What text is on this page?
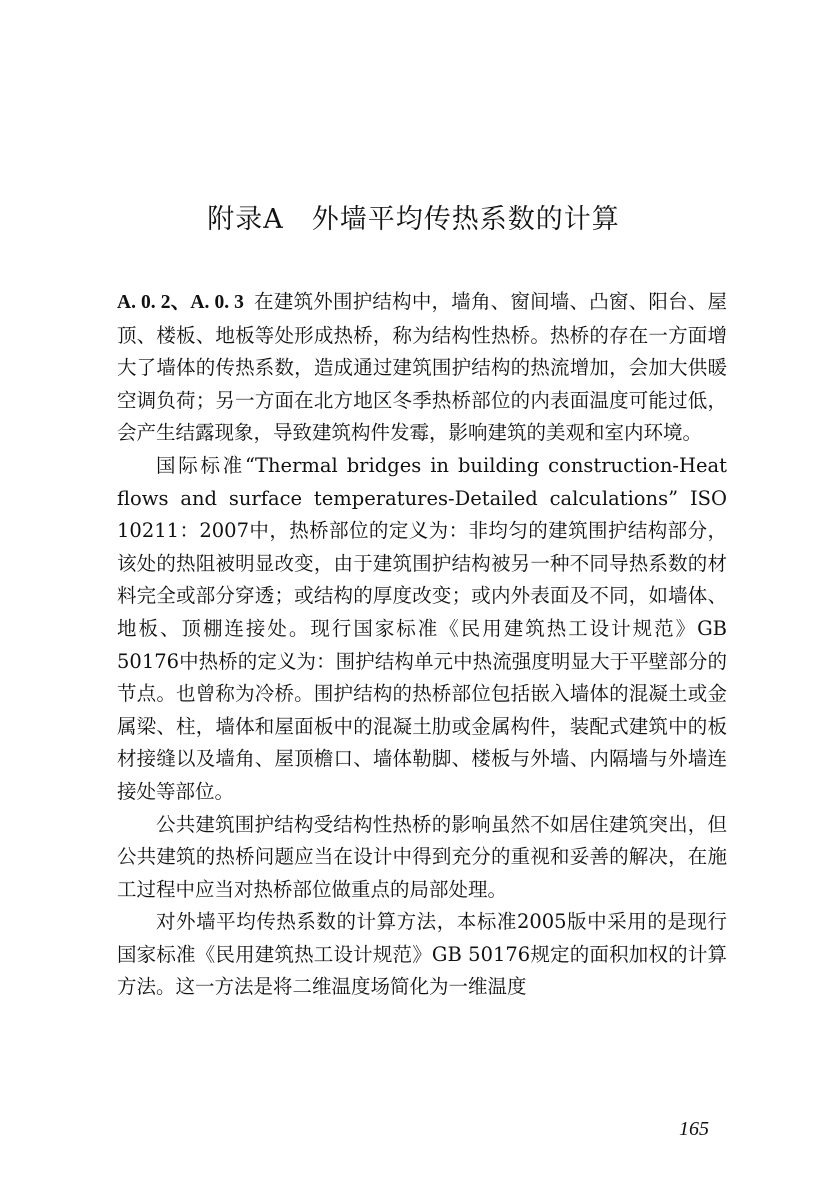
附录A　外墙平均传热系数的计算

A. 0. 2、A. 0. 3 在建筑外围护结构中，墙角、窗间墙、凸窗、阳台、屋顶、楼板、地板等处形成热桥，称为结构性热桥。热桥的存在一方面增大了墙体的传热系数，造成通过建筑围护结构的热流增加，会加大供暖空调负荷；另一方面在北方地区冬季热桥部位的内表面温度可能过低，会产生结露现象，导致建筑构件发霉，影响建筑的美观和室内环境。

国际标准“Thermal bridges in building construction-Heat flows and surface temperatures-Detailed calculations” ISO 10211：2007中，热桥部位的定义为：非均匀的建筑围护结构部分，该处的热阻被明显改变，由于建筑围护结构被另一种不同导热系数的材料完全或部分穿透；或结构的厚度改变；或内外表面及不同，如墙体、地板、顶棚连接处。现行国家标准《民用建筑热工设计规范》GB 50176中热桥的定义为：围护结构单元中热流强度明显大于平壁部分的节点。也曾称为冷桥。围护结构的热桥部位包括嵌入墙体的混凝土或金属梁、柱，墙体和屋面板中的混凝土肋或金属构件，装配式建筑中的板材接缝以及墙角、屋顶檐口、墙体勒脚、楼板与外墙、内隔墙与外墙连接处等部位。

公共建筑围护结构受结构性热桥的影响虽然不如居住建筑突出，但公共建筑的热桥问题应当在设计中得到充分的重视和妥善的解决，在施工过程中应当对热桥部位做重点的局部处理。

对外墙平均传热系数的计算方法，本标准2005版中采用的是现行国家标准《民用建筑热工设计规范》GB 50176规定的面积加权的计算方法。这一方法是将二维温度场简化为一维温度

165
